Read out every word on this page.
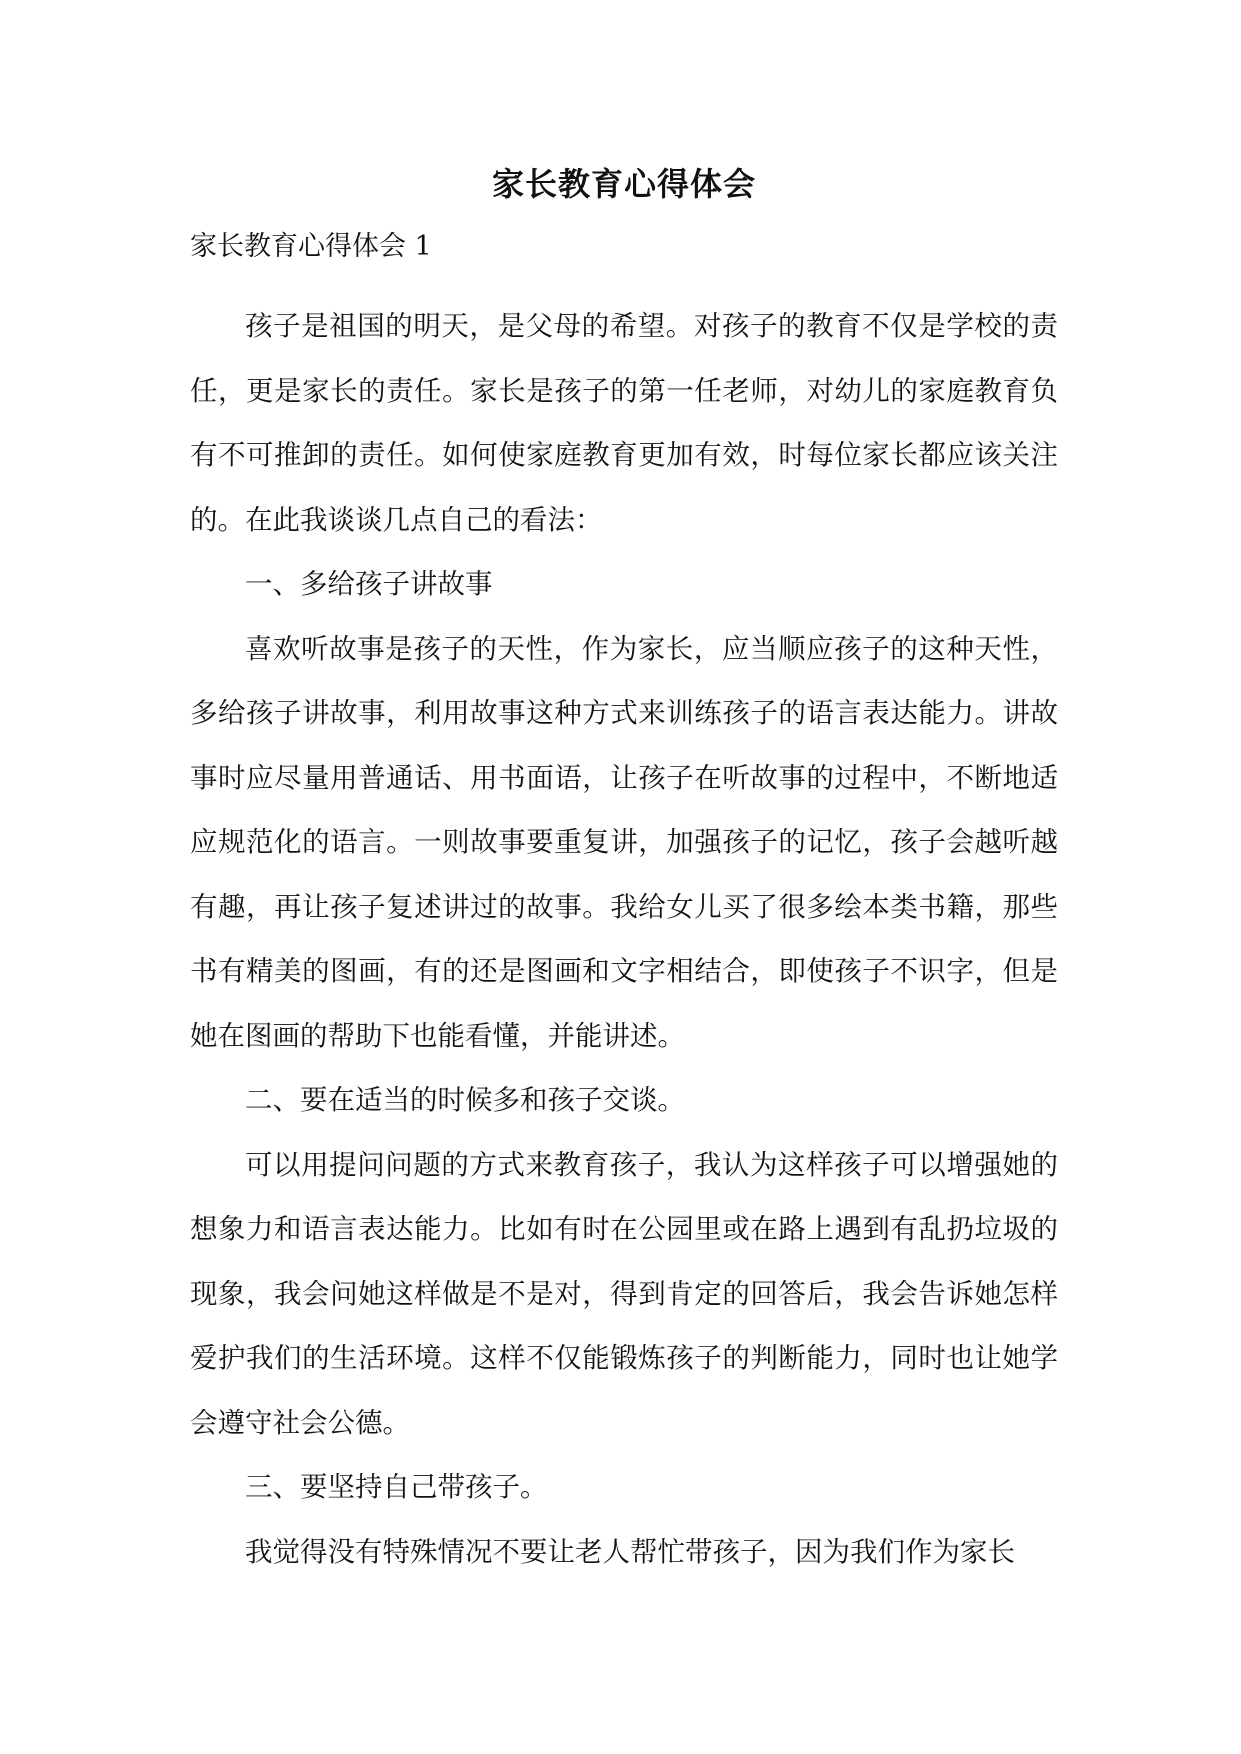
家长教育心得体会

家长教育心得体会 1

孩子是祖国的明天，是父母的希望。对孩子的教育不仅是学校的责任，更是家长的责任。家长是孩子的第一任老师，对幼儿的家庭教育负有不可推卸的责任。如何使家庭教育更加有效，时每位家长都应该关注的。在此我谈谈几点自己的看法：

一、多给孩子讲故事

喜欢听故事是孩子的天性，作为家长，应当顺应孩子的这种天性，多给孩子讲故事，利用故事这种方式来训练孩子的语言表达能力。讲故事时应尽量用普通话、用书面语，让孩子在听故事的过程中，不断地适应规范化的语言。一则故事要重复讲，加强孩子的记忆，孩子会越听越有趣，再让孩子复述讲过的故事。我给女儿买了很多绘本类书籍，那些书有精美的图画，有的还是图画和文字相结合，即使孩子不识字，但是她在图画的帮助下也能看懂，并能讲述。

二、要在适当的时候多和孩子交谈。

可以用提问问题的方式来教育孩子，我认为这样孩子可以增强她的想象力和语言表达能力。比如有时在公园里或在路上遇到有乱扔垃圾的现象，我会问她这样做是不是对，得到肯定的回答后，我会告诉她怎样爱护我们的生活环境。这样不仅能锻炼孩子的判断能力，同时也让她学会遵守社会公德。

三、要坚持自己带孩子。

我觉得没有特殊情况不要让老人帮忙带孩子，因为我们作为家长
